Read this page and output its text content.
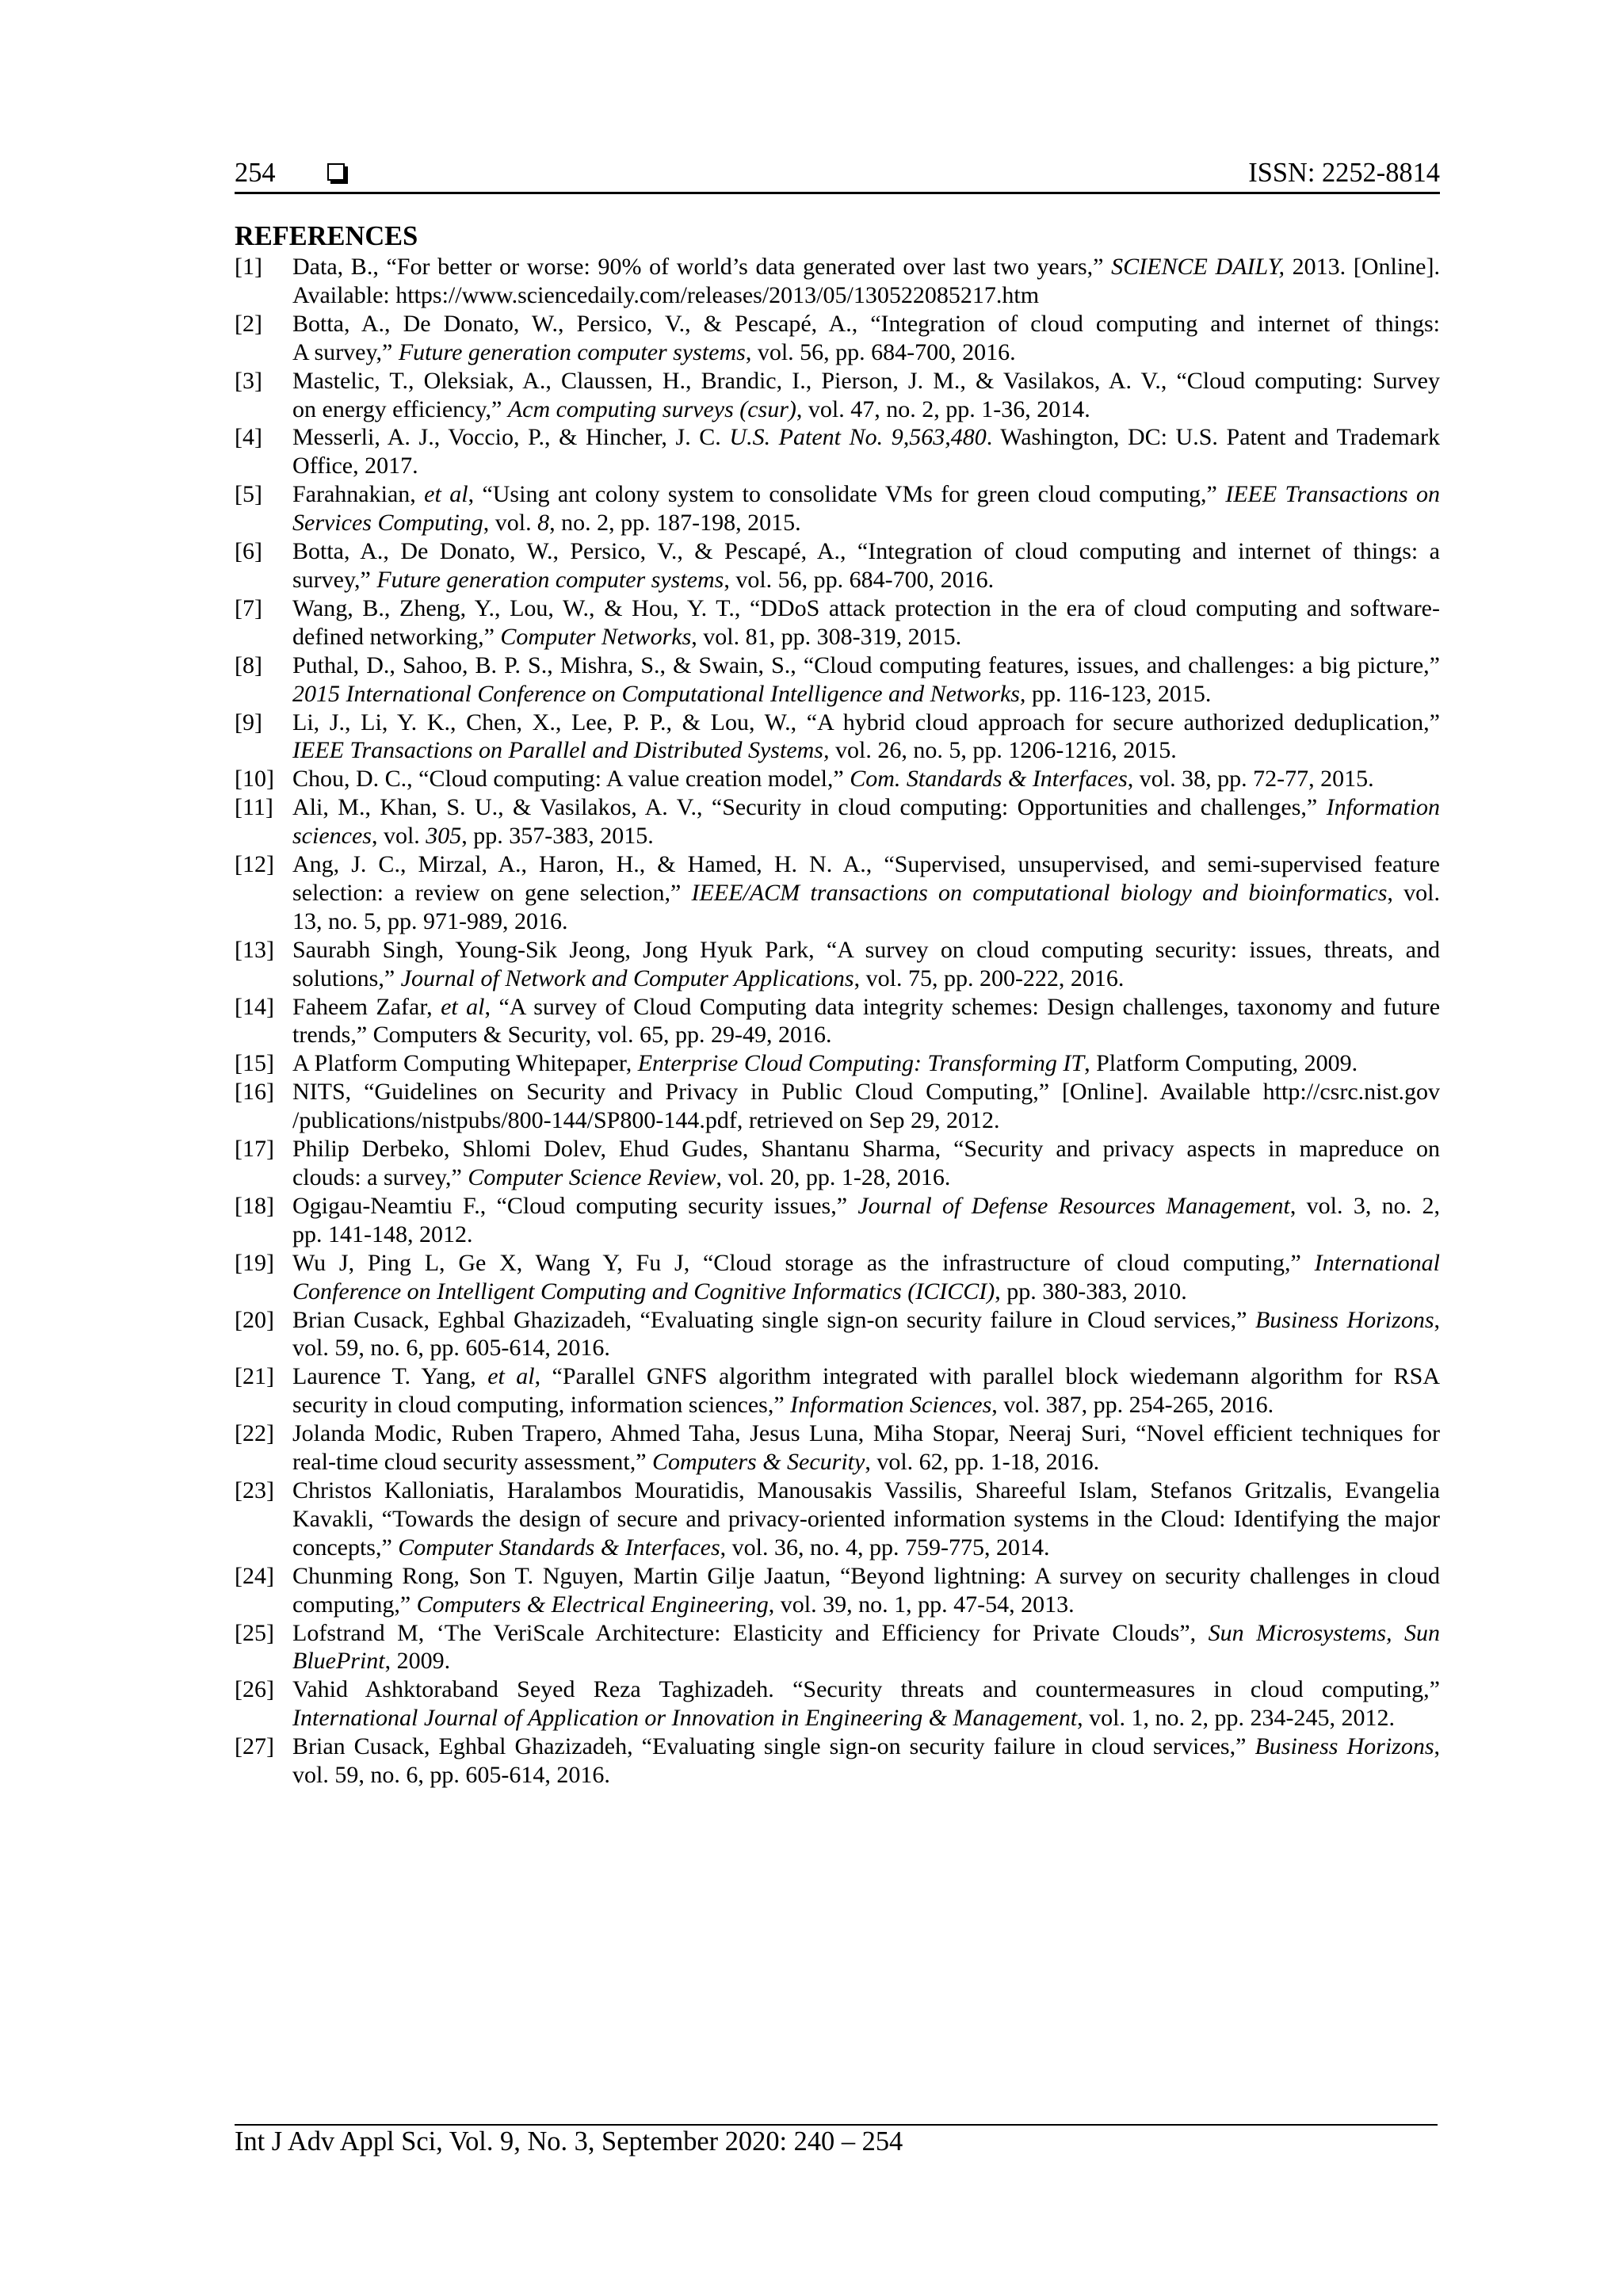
254	ISSN: 2252-8814
REFERENCES
[1]	Data, B., “For better or worse: 90% of world’s data generated over last two years,” SCIENCE DAILY, 2013. [Online].
Available: https://www.sciencedaily.com/releases/2013/05/130522085217.htm
[2]	Botta, A., De Donato, W., Persico, V., & Pescapé, A., “Integration of cloud computing and internet of things:
A survey,” Future generation computer systems, vol. 56, pp. 684-700, 2016.
[3]	Mastelic, T., Oleksiak, A., Claussen, H., Brandic, I., Pierson, J. M., & Vasilakos, A. V., “Cloud computing: Survey
on energy efficiency,” Acm computing surveys (csur), vol. 47, no. 2, pp. 1-36, 2014.
[4]	Messerli, A. J., Voccio, P., & Hincher, J. C. U.S. Patent No. 9,563,480. Washington, DC: U.S. Patent and Trademark
Office, 2017.
[5]	Farahnakian, et al, “Using ant colony system to consolidate VMs for green cloud computing,” IEEE Transactions on
Services Computing, vol. 8, no. 2, pp. 187-198, 2015.
[6]	Botta, A., De Donato, W., Persico, V., & Pescapé, A., “Integration of cloud computing and internet of things: a
survey,” Future generation computer systems, vol. 56, pp. 684-700, 2016.
[7]	Wang, B., Zheng, Y., Lou, W., & Hou, Y. T., “DDoS attack protection in the era of cloud computing and software-
defined networking,” Computer Networks, vol. 81, pp. 308-319, 2015.
[8]	Puthal, D., Sahoo, B. P. S., Mishra, S., & Swain, S., “Cloud computing features, issues, and challenges: a big picture,”
2015 International Conference on Computational Intelligence and Networks, pp. 116-123, 2015.
[9]	Li, J., Li, Y. K., Chen, X., Lee, P. P., & Lou, W., “A hybrid cloud approach for secure authorized deduplication,”
IEEE Transactions on Parallel and Distributed Systems, vol. 26, no. 5, pp. 1206-1216, 2015.
[10] Chou, D. C., “Cloud computing: A value creation model,” Com. Standards & Interfaces, vol. 38, pp. 72-77, 2015.
[11] Ali, M., Khan, S. U., & Vasilakos, A. V., “Security in cloud computing: Opportunities and challenges,” Information
sciences, vol. 305, pp. 357-383, 2015.
[12] Ang, J. C., Mirzal, A., Haron, H., & Hamed, H. N. A., “Supervised, unsupervised, and semi-supervised feature
selection: a review on gene selection,” IEEE/ACM transactions on computational biology and bioinformatics, vol.
13, no. 5, pp. 971-989, 2016.
[13] Saurabh Singh, Young-Sik Jeong, Jong Hyuk Park, “A survey on cloud computing security: issues, threats, and
solutions,” Journal of Network and Computer Applications, vol. 75, pp. 200-222, 2016.
[14] Faheem Zafar, et al, “A survey of Cloud Computing data integrity schemes: Design challenges, taxonomy and future
trends,” Computers & Security, vol. 65, pp. 29-49, 2016.
[15] A Platform Computing Whitepaper, Enterprise Cloud Computing: Transforming IT, Platform Computing, 2009.
[16] NITS, “Guidelines on Security and Privacy in Public Cloud Computing,” [Online]. Available http://csrc.nist.gov
/publications/nistpubs/800-144/SP800-144.pdf, retrieved on Sep 29, 2012.
[17] Philip Derbeko, Shlomi Dolev, Ehud Gudes, Shantanu Sharma, “Security and privacy aspects in mapreduce on
clouds: a survey,” Computer Science Review, vol. 20, pp. 1-28, 2016.
[18] Ogigau-Neamtiu F., “Cloud computing security issues,” Journal of Defense Resources Management, vol. 3, no. 2,
pp. 141-148, 2012.
[19] Wu J, Ping L, Ge X, Wang Y, Fu J, “Cloud storage as the infrastructure of cloud computing,” International
Conference on Intelligent Computing and Cognitive Informatics (ICICCI), pp. 380-383, 2010.
[20] Brian Cusack, Eghbal Ghazizadeh, “Evaluating single sign-on security failure in Cloud services,” Business Horizons,
vol. 59, no. 6, pp. 605-614, 2016.
[21] Laurence T. Yang, et al, “Parallel GNFS algorithm integrated with parallel block wiedemann algorithm for RSA
security in cloud computing, information sciences,” Information Sciences, vol. 387, pp. 254-265, 2016.
[22] Jolanda Modic, Ruben Trapero, Ahmed Taha, Jesus Luna, Miha Stopar, Neeraj Suri, “Novel efficient techniques for
real-time cloud security assessment,” Computers & Security, vol. 62, pp. 1-18, 2016.
[23] Christos Kalloniatis, Haralambos Mouratidis, Manousakis Vassilis, Shareeful Islam, Stefanos Gritzalis, Evangelia
Kavakli, “Towards the design of secure and privacy-oriented information systems in the Cloud: Identifying the major
concepts,” Computer Standards & Interfaces, vol. 36, no. 4, pp. 759-775, 2014.
[24] Chunming Rong, Son T. Nguyen, Martin Gilje Jaatun, “Beyond lightning: A survey on security challenges in cloud
computing,” Computers & Electrical Engineering, vol. 39, no. 1, pp. 47-54, 2013.
[25] Lofstrand M, ‘The VeriScale Architecture: Elasticity and Efficiency for Private Clouds”, Sun Microsystems, Sun
BluePrint, 2009.
[26] Vahid Ashktoraband Seyed Reza Taghizadeh. “Security threats and countermeasures in cloud computing,”
International Journal of Application or Innovation in Engineering & Management, vol. 1, no. 2, pp. 234-245, 2012.
[27] Brian Cusack, Eghbal Ghazizadeh, “Evaluating single sign-on security failure in cloud services,” Business Horizons,
vol. 59, no. 6, pp. 605-614, 2016.
Int J Adv Appl Sci, Vol. 9, No. 3, September 2020: 240 – 254
